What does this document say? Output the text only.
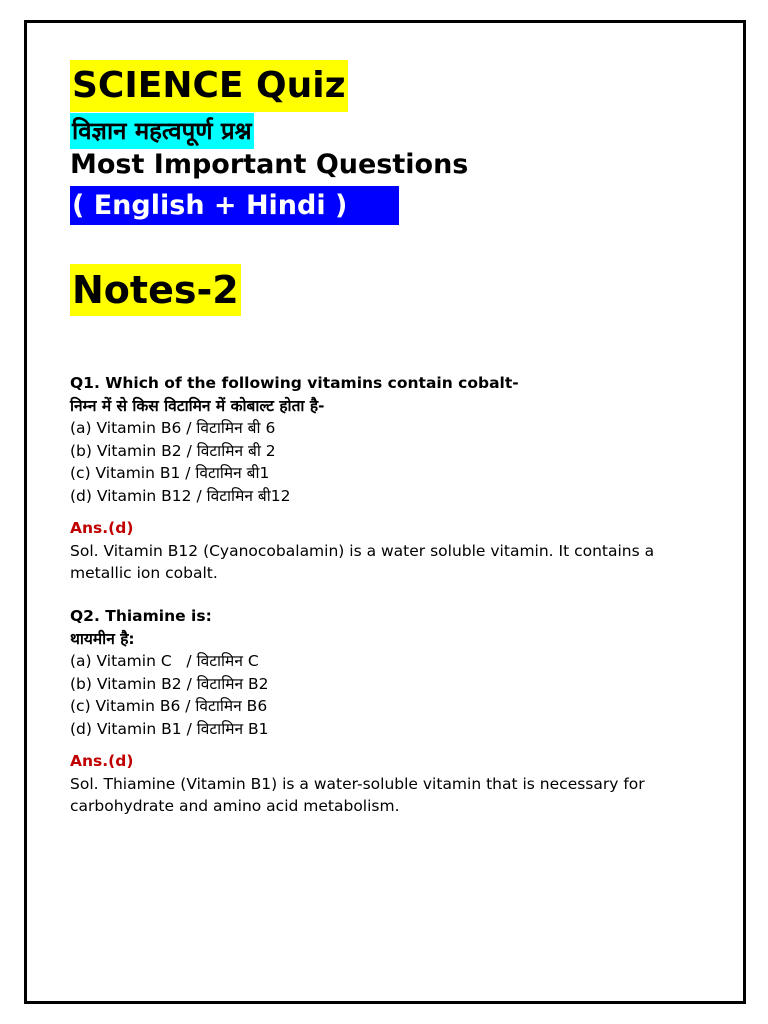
SCIENCE Quiz
विज्ञान महत्वपूर्ण प्रश्न
Most Important Questions
( English + Hindi )
Notes-2
Q1. Which of the following vitamins contain cobalt-
निम्न में से किस विटामिन में कोबाल्ट होता है-
(a) Vitamin B6 / विटामिन बी 6
(b) Vitamin B2 / विटामिन बी 2
(c) Vitamin B1 / विटामिन बी1
(d) Vitamin B12 / विटामिन बी12
Ans.(d)
Sol. Vitamin B12 (Cyanocobalamin) is a water soluble vitamin. It contains a metallic ion cobalt.
Q2. Thiamine is:
थायमीन है:
(a) Vitamin C   / विटामिन C
(b) Vitamin B2 / विटामिन B2
(c) Vitamin B6 / विटामिन B6
(d) Vitamin B1 / विटामिन B1
Ans.(d)
Sol. Thiamine (Vitamin B1) is a water-soluble vitamin that is necessary for carbohydrate and amino acid metabolism.
